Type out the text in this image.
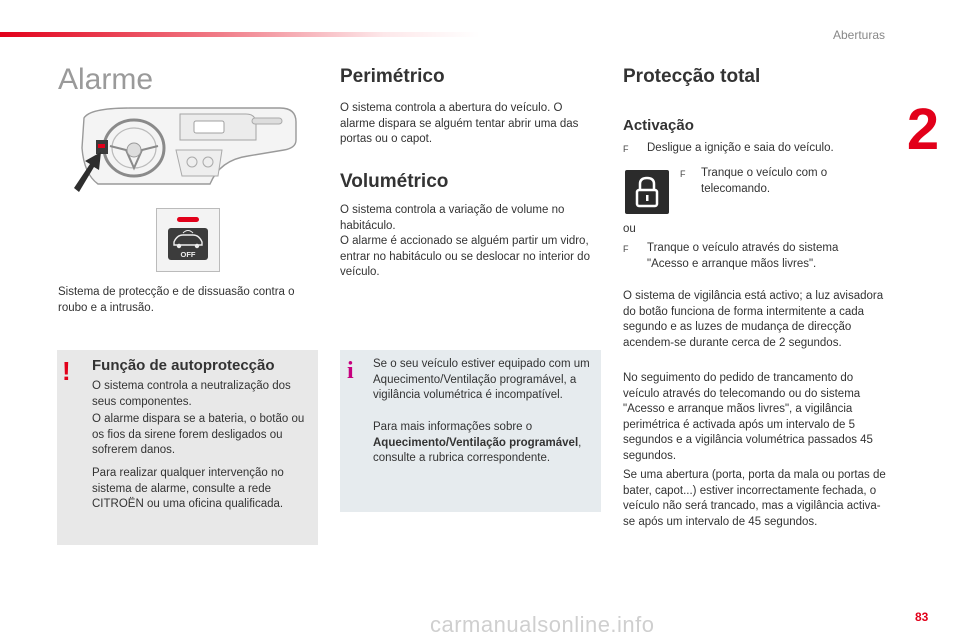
Aberturas
2
Alarme
OFF
Sistema de protecção e de dissuasão contra o roubo e a intrusão.
! Função de autoprotecção
O sistema controla a neutralização dos seus componentes.
O alarme dispara se a bateria, o botão ou os fios da sirene forem desligados ou sofrerem danos.
Para realizar qualquer intervenção no sistema de alarme, consulte a rede CITROËN ou uma oficina qualificada.
Perimétrico
O sistema controla a abertura do veículo. O alarme dispara se alguém tentar abrir uma das portas ou o capot.
Volumétrico
O sistema controla a variação de volume no habitáculo.
O alarme é accionado se alguém partir um vidro, entrar no habitáculo ou se deslocar no interior do veículo.
i Se o seu veículo estiver equipado com um Aquecimento/Ventilação programável, a vigilância volumétrica é incompatível.
Para mais informações sobre o Aquecimento/Ventilação programável, consulte a rubrica correspondente.
Protecção total
Activação
F Desligue a ignição e saia do veículo.
F Tranque o veículo com o telecomando.
ou
F Tranque o veículo através do sistema "Acesso e arranque mãos livres".
O sistema de vigilância está activo; a luz avisadora do botão funciona de forma intermitente a cada segundo e as luzes de mudança de direcção acendem-se durante cerca de 2 segundos.
No seguimento do pedido de trancamento do veículo através do telecomando ou do sistema "Acesso e arranque mãos livres", a vigilância perimétrica é activada após um intervalo de 5 segundos e a vigilância volumétrica passados 45 segundos.
Se uma abertura (porta, porta da mala ou portas de bater, capot...) estiver incorrectamente fechada, o veículo não será trancado, mas a vigilância activa-se após um intervalo de 45 segundos.
carmanualsonline.info	83
